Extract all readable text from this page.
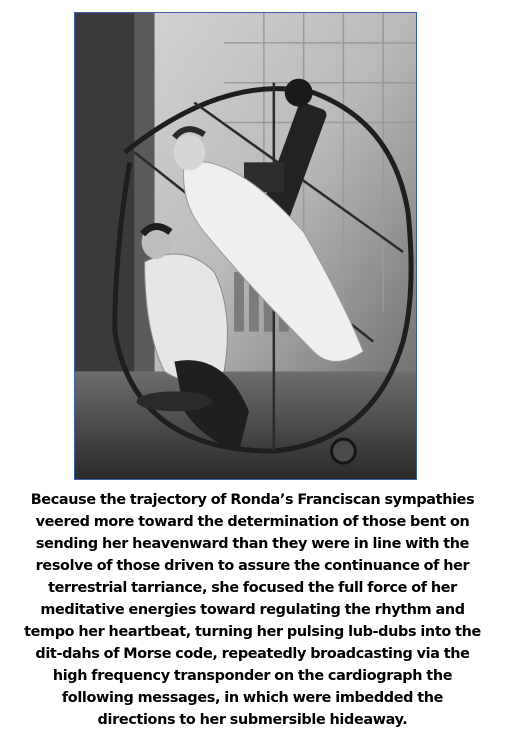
Because the trajectory of Ronda’s Franciscan sympathies
veered more toward the determination of those bent on
sending her heavenward than they were in line with the
resolve of those driven to assure the continuance of her
terrestrial tarriance, she focused the full force of her
meditative energies toward regulating the rhythm and
tempo her heartbeat, turning her pulsing lub-dubs into the
dit-dahs of Morse code, repeatedly broadcasting via the
high frequency transponder on the cardiograph the
following messages, in which were imbedded the
directions to her submersible hideaway.
